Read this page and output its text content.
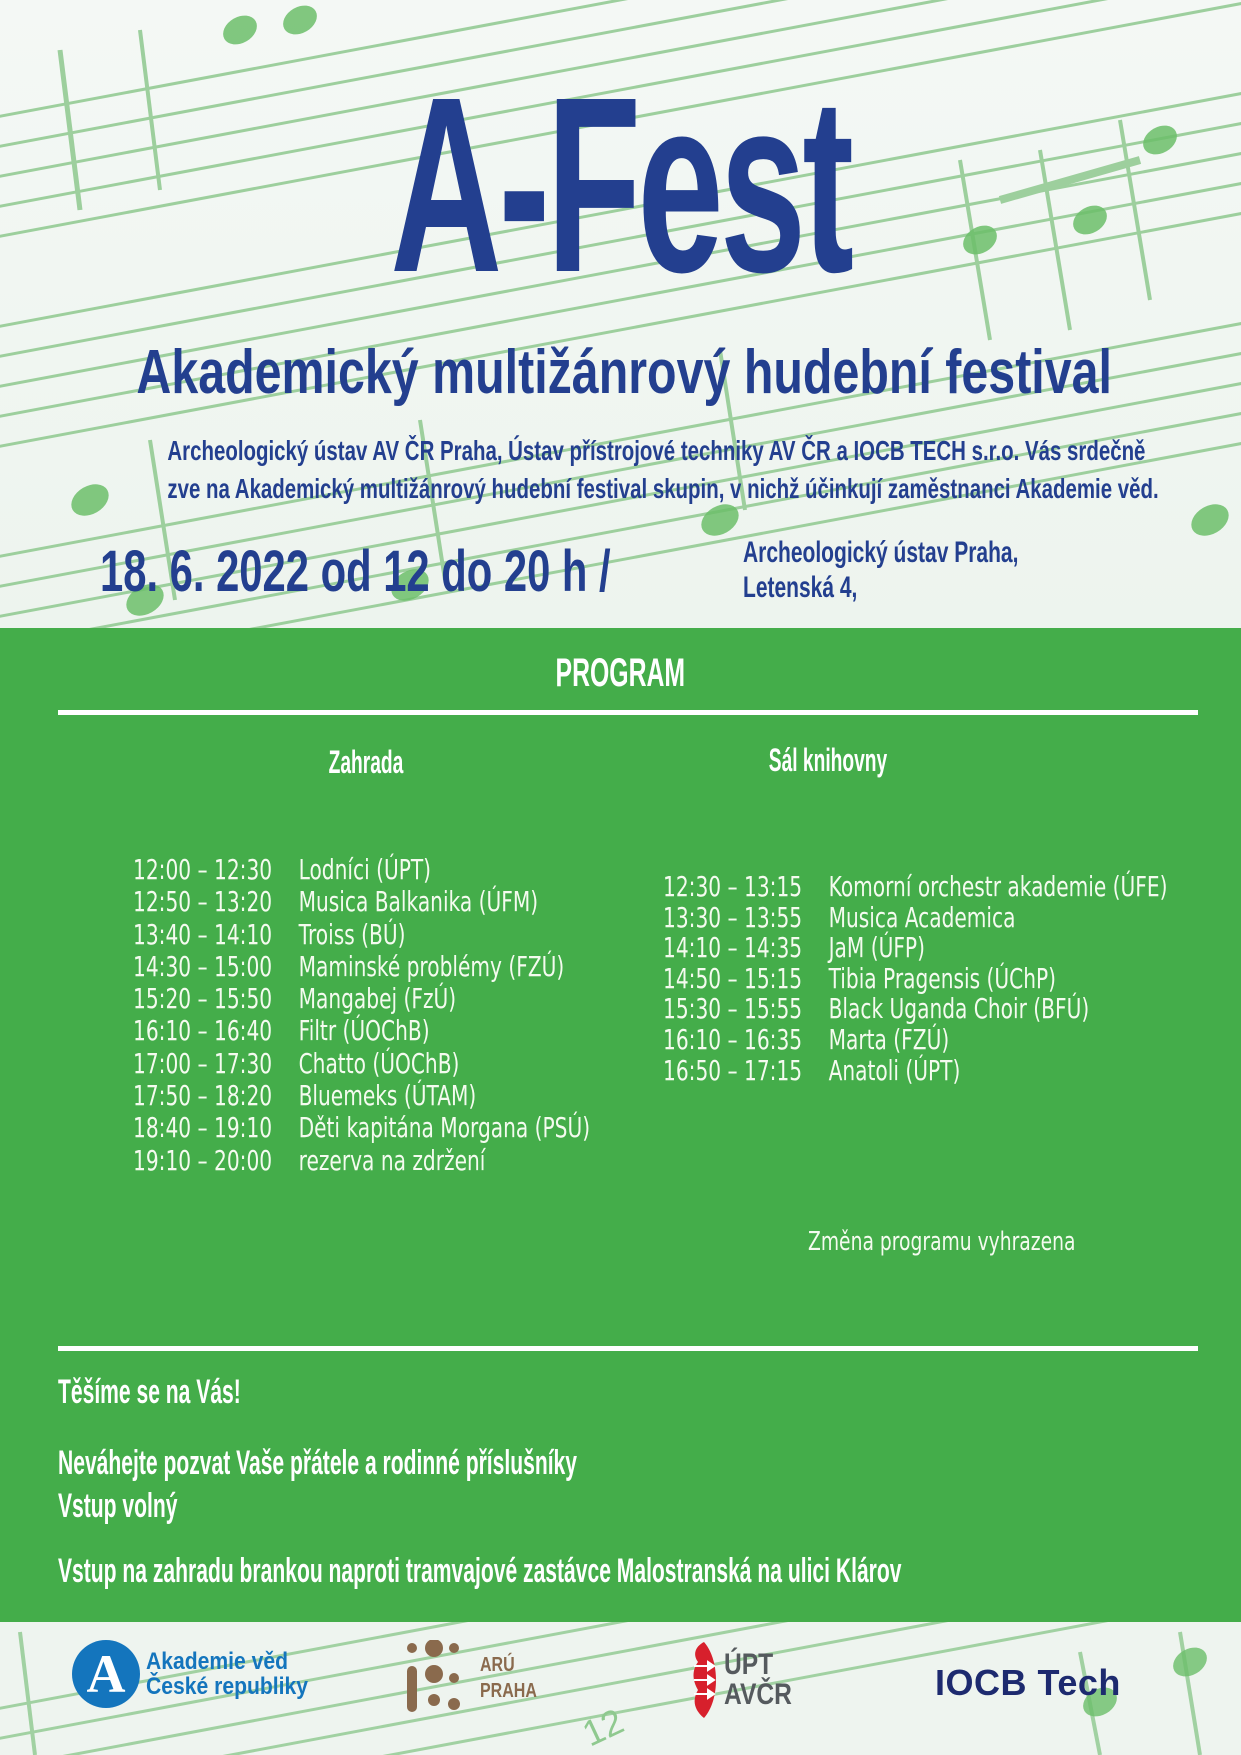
A-Fest
Akademický multižánrový hudební festival
Archeologický ústav AV ČR Praha, Ústav přístrojové techniky AV ČR a IOCB TECH s.r.o. Vás srdečně
zve na Akademický multižánrový hudební festival skupin, v nichž účinkují zaměstnanci Akademie věd.
18. 6. 2022 od 12 do 20 h /	Archeologický ústav Praha,
Letenská 4,
PROGRAM
Zahrada	Sál knihovny
12:00 – 12:30 Lodníci (ÚPT)
12:50 – 13:20 Musica Balkanika (ÚFM)
13:40 – 14:10 Troiss (BÚ)
14:30 – 15:00 Maminské problémy (FZÚ)
15:20 – 15:50 Mangabej (FzÚ)
16:10 – 16:40 Filtr (ÚOChB)
17:00 – 17:30 Chatto (ÚOChB)
17:50 – 18:20 Bluemeks (ÚTAM)
18:40 – 19:10 Děti kapitána Morgana (PSÚ)
19:10 – 20:00 rezerva na zdržení
12:30 – 13:15 Komorní orchestr akademie (ÚFE)
13:30 – 13:55 Musica Academica
14:10 – 14:35 JaM (ÚFP)
14:50 – 15:15 Tibia Pragensis (ÚChP)
15:30 – 15:55 Black Uganda Choir (BFÚ)
16:10 – 16:35 Marta (FZÚ)
16:50 – 17:15 Anatoli (ÚPT)
Změna programu vyhrazena
Těšíme se na Vás!
Neváhejte pozvat Vaše přátele a rodinné příslušníky
Vstup volný
Vstup na zahradu brankou naproti tramvajové zastávce Malostranská na ulici Klárov
12
A Akademie věd
České republiky
ARÚ
PRAHA
ÚPT
AVČR	IOCB Tech
